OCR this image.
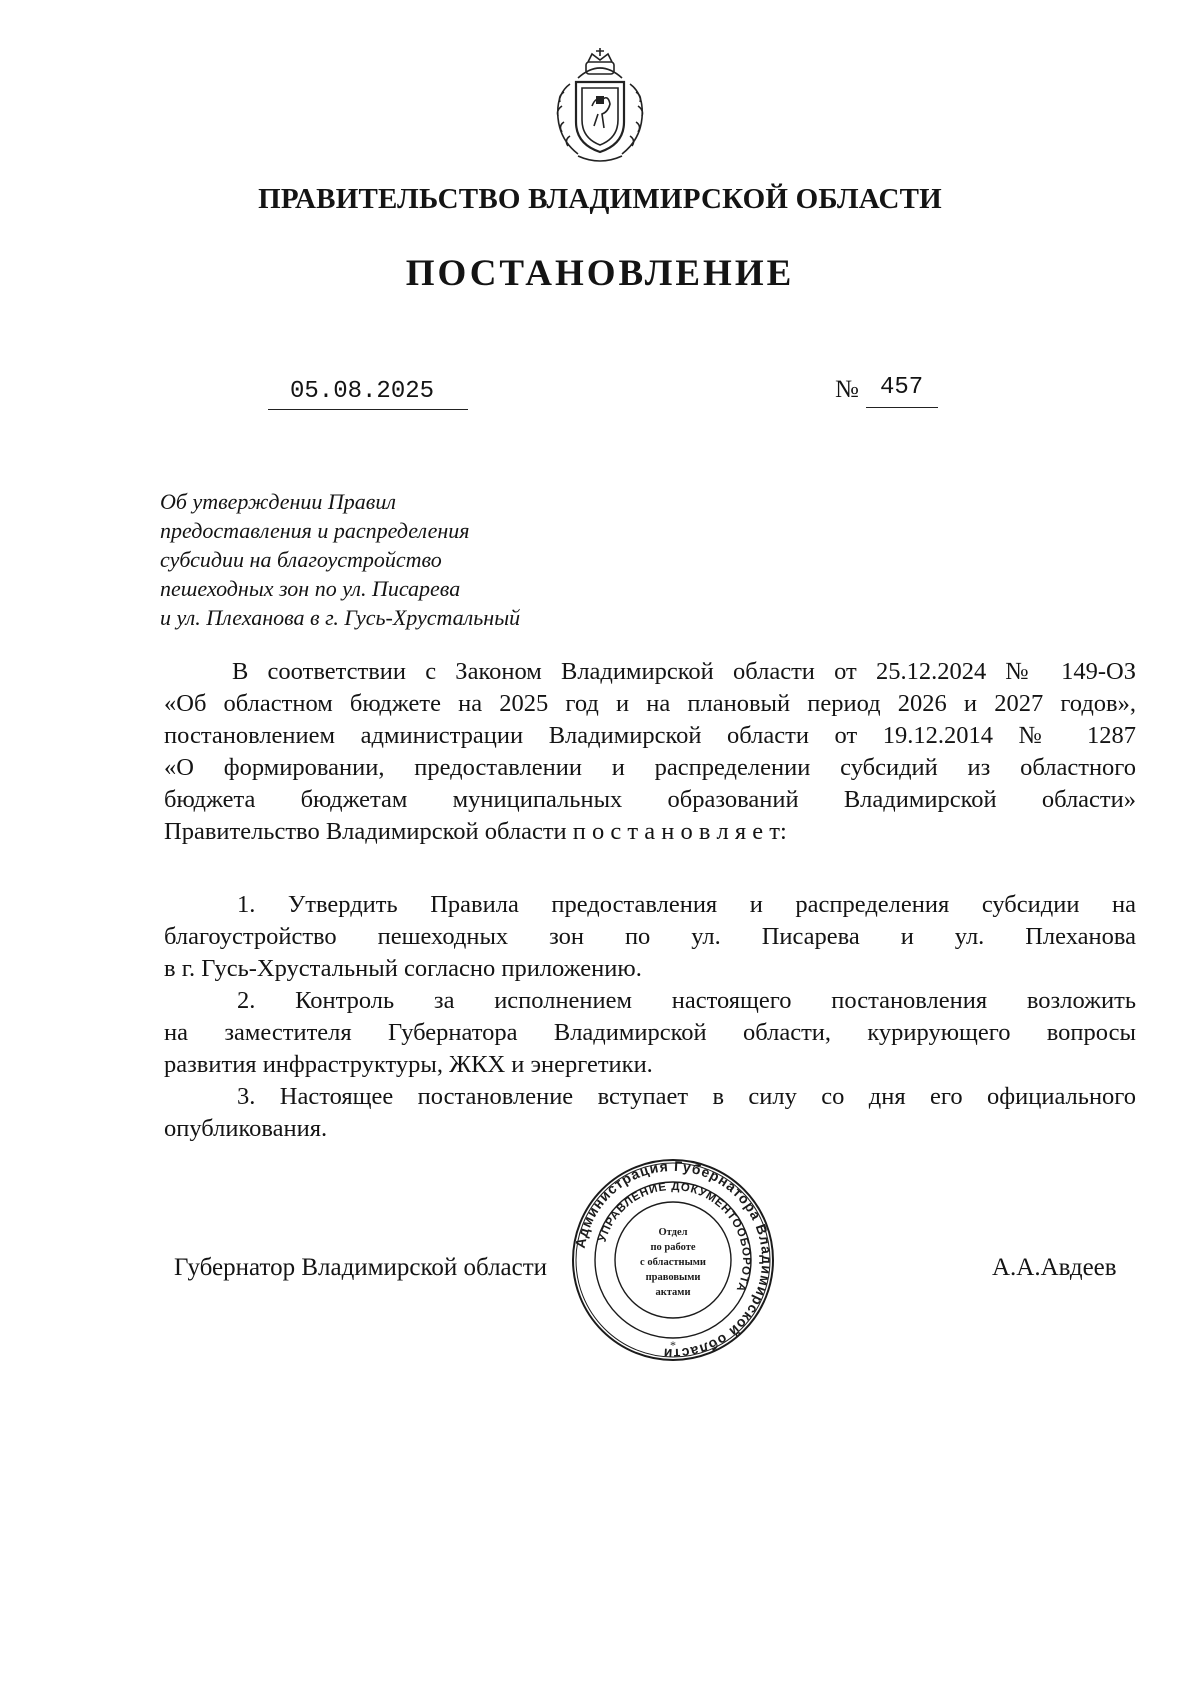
ПРАВИТЕЛЬСТВО ВЛАДИМИРСКОЙ ОБЛАСТИ
ПОСТАНОВЛЕНИЕ
05.08.2025	№ 457
Об утверждении Правил
предоставления и распределения
субсидии на благоустройство
пешеходных зон по ул. Писарева
и ул. Плеханова в г. Гусь-Хрустальный
В соответствии с Законом Владимирской области от 25.12.2024 № 149-ОЗ
«Об областном бюджете на 2025 год и на плановый период 2026 и 2027 годов»,
постановлением администрации Владимирской области от 19.12.2014 № 1287
«О формировании, предоставлении и распределении субсидий из областного
бюджета бюджетам муниципальных образований Владимирской области»
Правительство Владимирской области п о с т а н о в л я е т:
1. Утвердить Правила предоставления и распределения субсидии на
благоустройство пешеходных зон по ул. Писарева и ул. Плеханова
в г. Гусь-Хрустальный согласно приложению.
2. Контроль за исполнением настоящего постановления возложить
на заместителя Губернатора Владимирской области, курирующего вопросы
развития инфраструктуры, ЖКХ и энергетики.
3. Настоящее постановление вступает в силу со дня его официального
опубликования.
Губернатор Владимирской области	А.А.Авдеев
Администрация Губернатора Владимирской области
УПРАВЛЕНИЕ ДОКУМЕНТООБОРОТА
Отдел
по работе
с областными
правовыми
актами
*
